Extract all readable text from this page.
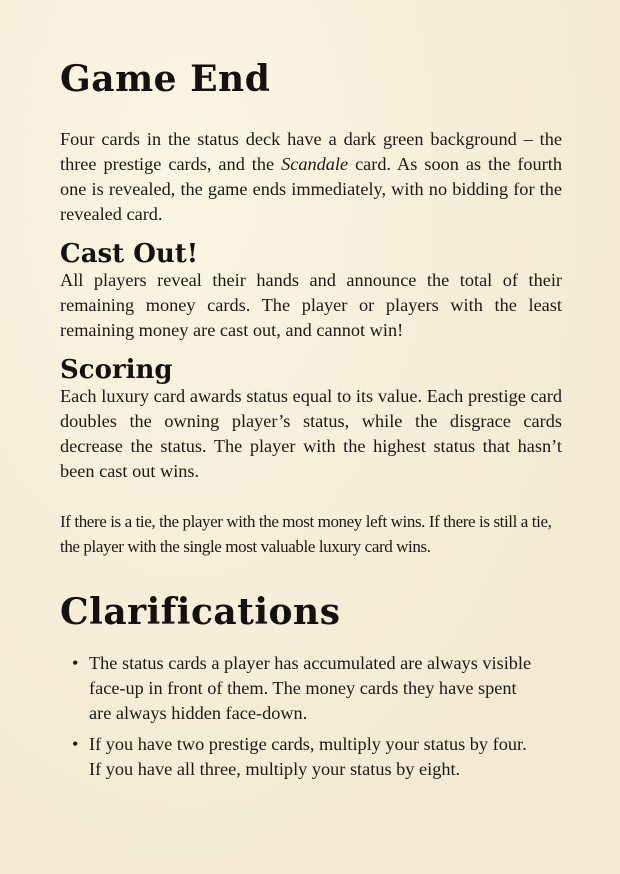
Game End

Four cards in the status deck have a dark green background – the three prestige cards, and the Scandale card. As soon as the fourth one is revealed, the game ends immediately, with no bidding for the revealed card.

Cast Out!

All players reveal their hands and announce the total of their remaining money cards. The player or players with the least remaining money are cast out, and cannot win!

Scoring

Each luxury card awards status equal to its value. Each prestige card doubles the owning player’s status, while the disgrace cards decrease the status. The player with the highest status that hasn’t been cast out wins.

If there is a tie, the player with the most money left wins. If there is still a tie, the player with the single most valuable luxury card wins.

Clarifications
• The status cards a player has accumulated are always visible face-up in front of them. The money cards they have spent are always hidden face-down.
• If you have two prestige cards, multiply your status by four. If you have all three, multiply your status by eight.
